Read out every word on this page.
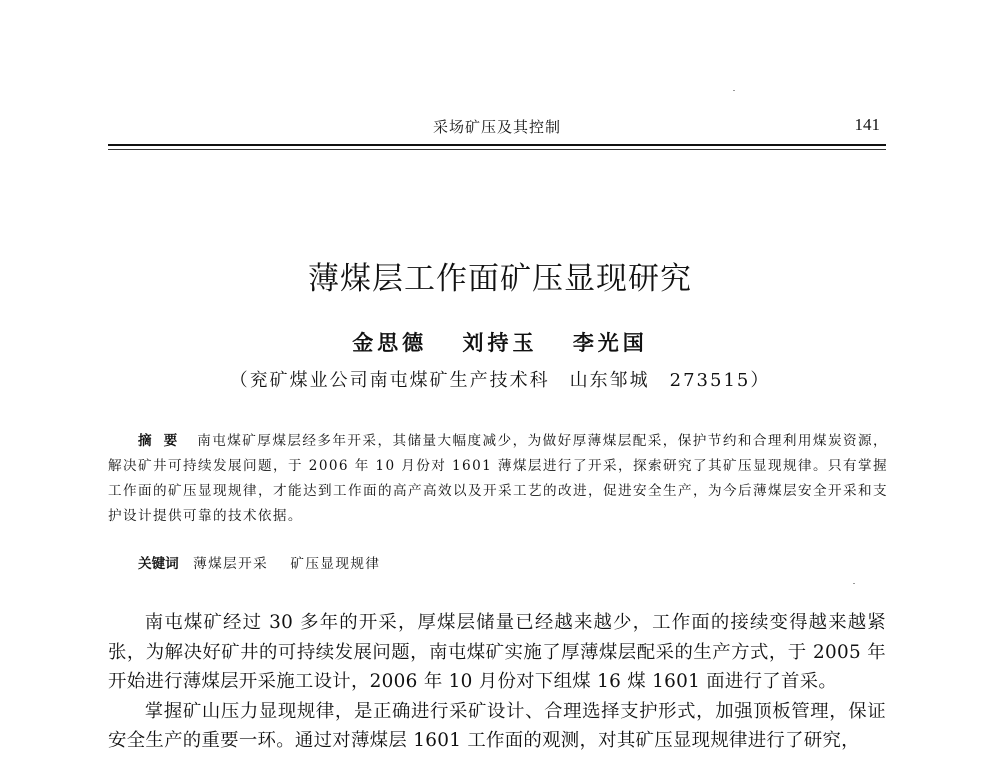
采场矿压及其控制	141
薄煤层工作面矿压显现研究
金思德 刘持玉 李光国
（兖矿煤业公司南屯煤矿生产技术科　山东邹城　273515）
摘要 南屯煤矿厚煤层经多年开采，其储量大幅度减少，为做好厚薄煤层配采，保护节约和合理利用煤炭资源，解决矿井可持续发展问题，于 2006 年 10 月份对 1601 薄煤层进行了开采，探索研究了其矿压显现规律。只有掌握工作面的矿压显现规律，才能达到工作面的高产高效以及开采工艺的改进，促进安全生产，为今后薄煤层安全开采和支护设计提供可靠的技术依据。
关键词 薄煤层开采 矿压显现规律

南屯煤矿经过 30 多年的开采，厚煤层储量已经越来越少，工作面的接续变得越来越紧张，为解决好矿井的可持续发展问题，南屯煤矿实施了厚薄煤层配采的生产方式，于 2005 年开始进行薄煤层开采施工设计，2006 年 10 月份对下组煤 16 煤 1601 面进行了首采。

掌握矿山压力显现规律，是正确进行采矿设计、合理选择支护形式，加强顶板管理，保证安全生产的重要一环。通过对薄煤层 1601 工作面的观测，对其矿压显现规律进行了研究，
